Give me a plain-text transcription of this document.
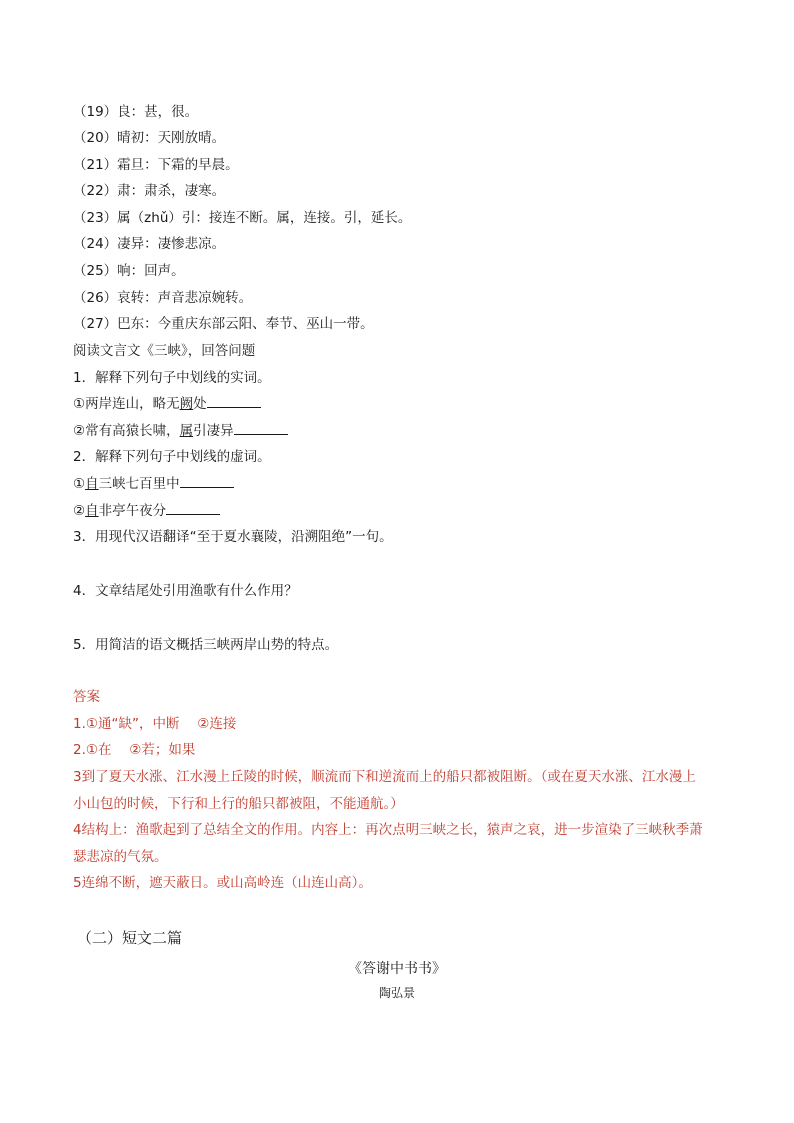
（19）良：甚，很。
（20）晴初：天刚放晴。
（21）霜旦：下霜的早晨。
（22）肃：肃杀，凄寒。
（23）属（zhǔ）引：接连不断。属，连接。引，延长。
（24）凄异：凄惨悲凉。
（25）响：回声。
（26）哀转：声音悲凉婉转。
（27）巴东：今重庆东部云阳、奉节、巫山一带。
阅读文言文《三峡》，回答问题
1．解释下列句子中划线的实词。
①两岸连山，略无阙处
②常有高猿长啸，属引凄异
2．解释下列句子中划线的虚词。
①自三峡七百里中
②自非亭午夜分
3．用现代汉语翻译“至于夏水襄陵，沿溯阻绝”一句。
4．文章结尾处引用渔歌有什么作用？
5．用简洁的语文概括三峡两岸山势的特点。
答案
1.①通“缺”，中断　 ②连接
2.①在　 ②若；如果
3到了夏天水涨、江水漫上丘陵的时候，顺流而下和逆流而上的船只都被阻断。（或在夏天水涨、江水漫上
小山包的时候，下行和上行的船只都被阻，不能通航。）
4结构上：渔歌起到了总结全文的作用。内容上：再次点明三峡之长，猿声之哀，进一步渲染了三峡秋季萧
瑟悲凉的气氛。
5连绵不断，遮天蔽日。或山高岭连（山连山高）。
（二）短文二篇
《答谢中书书》
陶弘景
